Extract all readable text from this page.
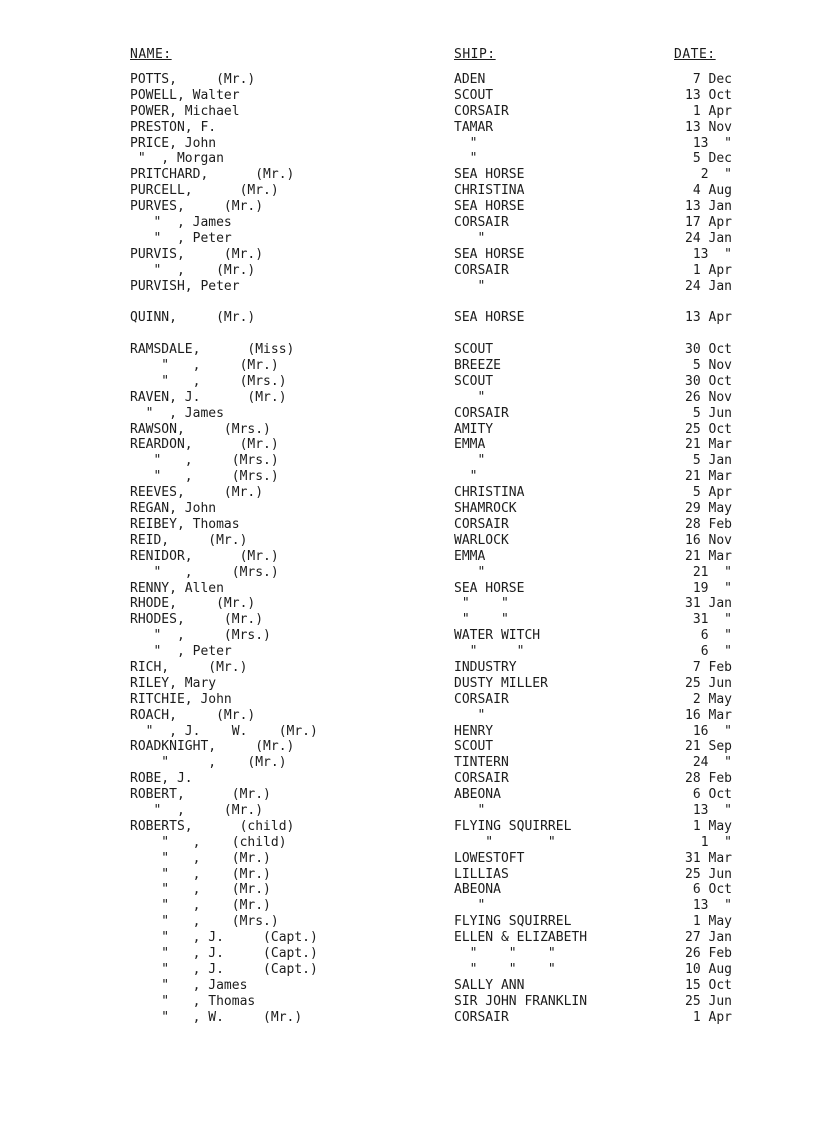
NAME:	SHIP:	DATE:
POTTS,     (Mr.)	ADEN	7 Dec
POWELL, Walter	SCOUT	13 Oct
POWER, Michael	CORSAIR	1 Apr
PRESTON, F.	TAMAR	13 Nov
PRICE, John	"	13  "
"  , Morgan	"	5 Dec
PRITCHARD,      (Mr.)	SEA HORSE	2  "
PURCELL,      (Mr.)	CHRISTINA	4 Aug
PURVES,     (Mr.)	SEA HORSE	13 Jan
"  , James	CORSAIR	17 Apr
"  , Peter	"	24 Jan
PURVIS,     (Mr.)	SEA HORSE	13  "
"  ,    (Mr.)	CORSAIR	1 Apr
PURVISH, Peter	"	24 Jan
QUINN,     (Mr.)	SEA HORSE	13 Apr
RAMSDALE,      (Miss)	SCOUT	30 Oct
"   ,     (Mr.)	BREEZE	5 Nov
"   ,     (Mrs.)	SCOUT	30 Oct
RAVEN, J.      (Mr.)	"	26 Nov
"  , James	CORSAIR	5 Jun
RAWSON,     (Mrs.)	AMITY	25 Oct
REARDON,      (Mr.)	EMMA	21 Mar
"   ,     (Mrs.)	"	5 Jan
"   ,     (Mrs.)	"	21 Mar
REEVES,     (Mr.)	CHRISTINA	5 Apr
REGAN, John	SHAMROCK	29 May
REIBEY, Thomas	CORSAIR	28 Feb
REID,     (Mr.)	WARLOCK	16 Nov
RENIDOR,      (Mr.)	EMMA	21 Mar
"   ,     (Mrs.)	"	21  "
RENNY, Allen	SEA HORSE	19  "
RHODE,     (Mr.)	"    "	31 Jan
RHODES,     (Mr.)	"    "	31  "
"  ,     (Mrs.)	WATER WITCH	6  "
"  , Peter	"     "	6  "
RICH,     (Mr.)	INDUSTRY	7 Feb
RILEY, Mary	DUSTY MILLER	25 Jun
RITCHIE, John	CORSAIR	2 May
ROACH,     (Mr.)	"	16 Mar
"  , J.    W.    (Mr.)	HENRY	16  "
ROADKNIGHT,     (Mr.)	SCOUT	21 Sep
"     ,    (Mr.)	TINTERN	24  "
ROBE, J.	CORSAIR	28 Feb
ROBERT,      (Mr.)	ABEONA	6 Oct
"  ,     (Mr.)	"	13  "
ROBERTS,      (child)	FLYING SQUIRREL	1 May
"   ,    (child)	"       "	1  "
"   ,    (Mr.)	LOWESTOFT	31 Mar
"   ,    (Mr.)	LILLIAS	25 Jun
"   ,    (Mr.)	ABEONA	6 Oct
"   ,    (Mr.)	"	13  "
"   ,    (Mrs.)	FLYING SQUIRREL	1 May
"   , J.     (Capt.)	ELLEN & ELIZABETH	27 Jan
"   , J.     (Capt.)	"    "    "	26 Feb
"   , J.     (Capt.)	"    "    "	10 Aug
"   , James	SALLY ANN	15 Oct
"   , Thomas	SIR JOHN FRANKLIN	25 Jun
"   , W.     (Mr.)	CORSAIR	1 Apr
